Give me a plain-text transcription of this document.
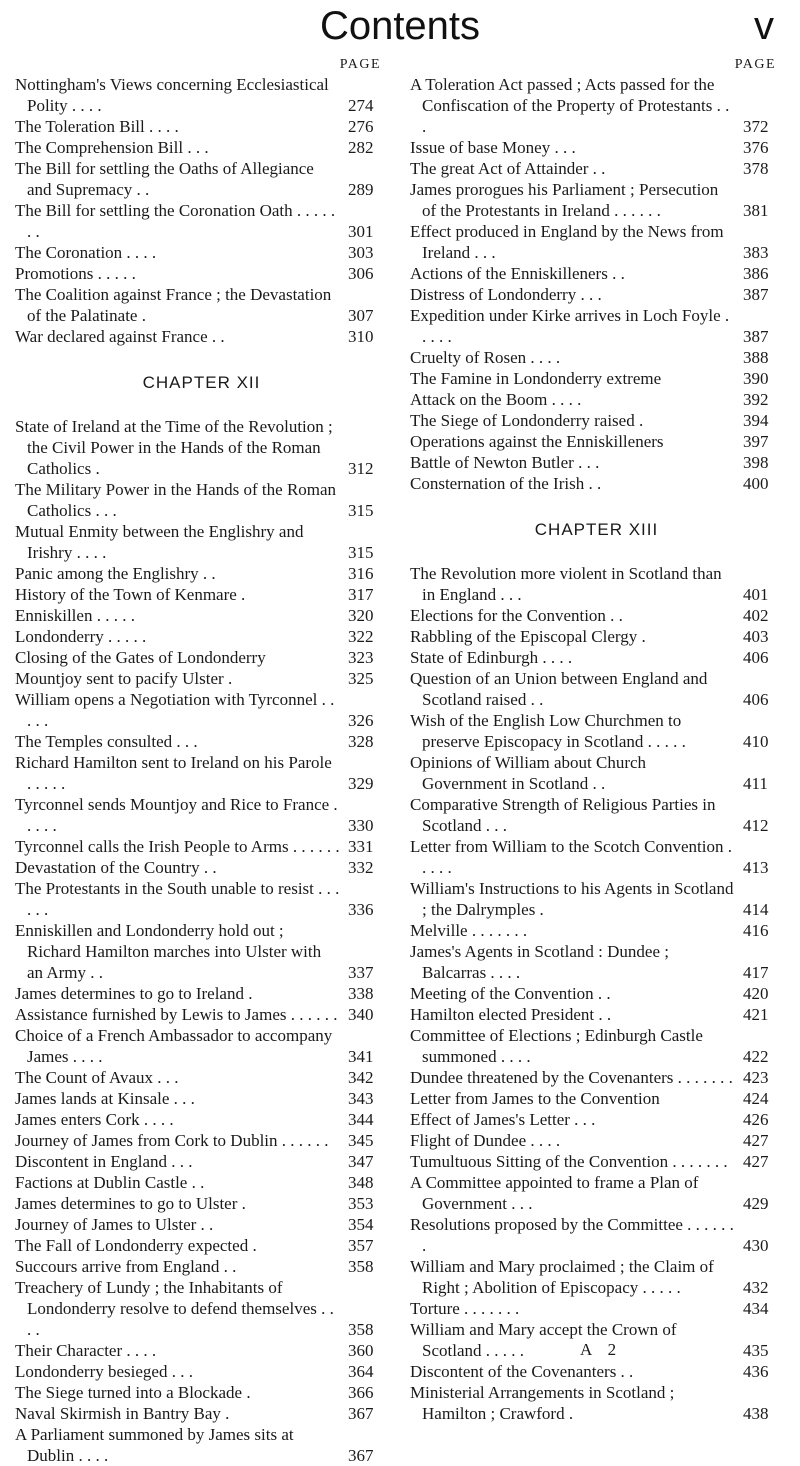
Contents	v
PAGE
Nottingham's Views concerning Ecclesiastical Polity . . . .	274
The Toleration Bill . . . .	276
The Comprehension Bill . . .	282
The Bill for settling the Oaths of Allegiance and Supremacy . .	289
The Bill for settling the Coronation Oath . . . . . . .	301
The Coronation . . . .	303
Promotions . . . . .	306
The Coalition against France ; the Devastation of the Palatinate .	307
War declared against France . .	310
CHAPTER XII
State of Ireland at the Time of the Revolution ; the Civil Power in the Hands of the Roman Catholics .	312
The Military Power in the Hands of the Roman Catholics . . .	315
Mutual Enmity between the Englishry and Irishry . . . .	315
Panic among the Englishry . .	316
History of the Town of Kenmare .	317
Enniskillen . . . . .	320
Londonderry . . . . .	322
Closing of the Gates of Londonderry	323
Mountjoy sent to pacify Ulster .	325
William opens a Negotiation with Tyrconnel . . . . .	326
The Temples consulted . . .	328
Richard Hamilton sent to Ireland on his Parole . . . . .	329
Tyrconnel sends Mountjoy and Rice to France . . . . .	330
Tyrconnel calls the Irish People to Arms . . . . . . 331
Devastation of the Country . .	332
The Protestants in the South unable to resist . . . . . .	336
Enniskillen and Londonderry hold out ; Richard Hamilton marches into Ulster with an Army . .	337
James determines to go to Ireland .	338
Assistance furnished by Lewis to James . . . . . . 340
Choice of a French Ambassador to accompany James . . . .	341
The Count of Avaux . . .	342
James lands at Kinsale . . .	343
James enters Cork . . . .	344
Journey of James from Cork to Dublin . . . . . .	345
Discontent in England . . .	347
Factions at Dublin Castle . .	348
James determines to go to Ulster .	353
Journey of James to Ulster . .	354
The Fall of Londonderry expected .	357
Succours arrive from England . .	358
Treachery of Lundy ; the Inhabitants of Londonderry resolve to defend themselves . . . .	358
Their Character . . . .	360
Londonderry besieged . . .	364
The Siege turned into a Blockade .	366
Naval Skirmish in Bantry Bay .	367
A Parliament summoned by James sits at Dublin . . . .	367
PAGE
A Toleration Act passed ; Acts passed for the Confiscation of the Property of Protestants . . .	372
Issue of base Money . . .	376
The great Act of Attainder . .	378
James prorogues his Parliament ; Persecution of the Protestants in Ireland . . . . . .	381
Effect produced in England by the News from Ireland . . .	383
Actions of the Enniskilleners . .	386
Distress of Londonderry . . .	387
Expedition under Kirke arrives in Loch Foyle . . . . .	387
Cruelty of Rosen . . . .	388
The Famine in Londonderry extreme	390
Attack on the Boom . . . .	392
The Siege of Londonderry raised .	394
Operations against the Enniskilleners	397
Battle of Newton Butler . . .	398
Consternation of the Irish . .	400
CHAPTER XIII
The Revolution more violent in Scotland than in England . . .	401
Elections for the Convention . .	402
Rabbling of the Episcopal Clergy .	403
State of Edinburgh . . . .	406
Question of an Union between England and Scotland raised . .	406
Wish of the English Low Churchmen to preserve Episcopacy in Scotland . . . . .	410
Opinions of William about Church Government in Scotland . .	411
Comparative Strength of Religious Parties in Scotland . . .	412
Letter from William to the Scotch Convention . . . . .	413
William's Instructions to his Agents in Scotland ; the Dalrymples .	414
Melville . . . . . . .	416
James's Agents in Scotland : Dundee ; Balcarras . . . .	417
Meeting of the Convention . .	420
Hamilton elected President . .	421
Committee of Elections ; Edinburgh Castle summoned . . . .	422
Dundee threatened by the Covenanters . . . . . . . 423
Letter from James to the Convention	424
Effect of James's Letter . . .	426
Flight of Dundee . . . .	427
Tumultuous Sitting of the Convention . . . . . . . 427
A Committee appointed to frame a Plan of Government . . .	429
Resolutions proposed by the Committee . . . . . . .	430
William and Mary proclaimed ; the Claim of Right ; Abolition of Episcopacy . . . . .	432
Torture . . . . . . .	434
William and Mary accept the Crown of Scotland . . . . .	435
Discontent of the Covenanters . .	436
Ministerial Arrangements in Scotland ; Hamilton ; Crawford .	438
A 2
